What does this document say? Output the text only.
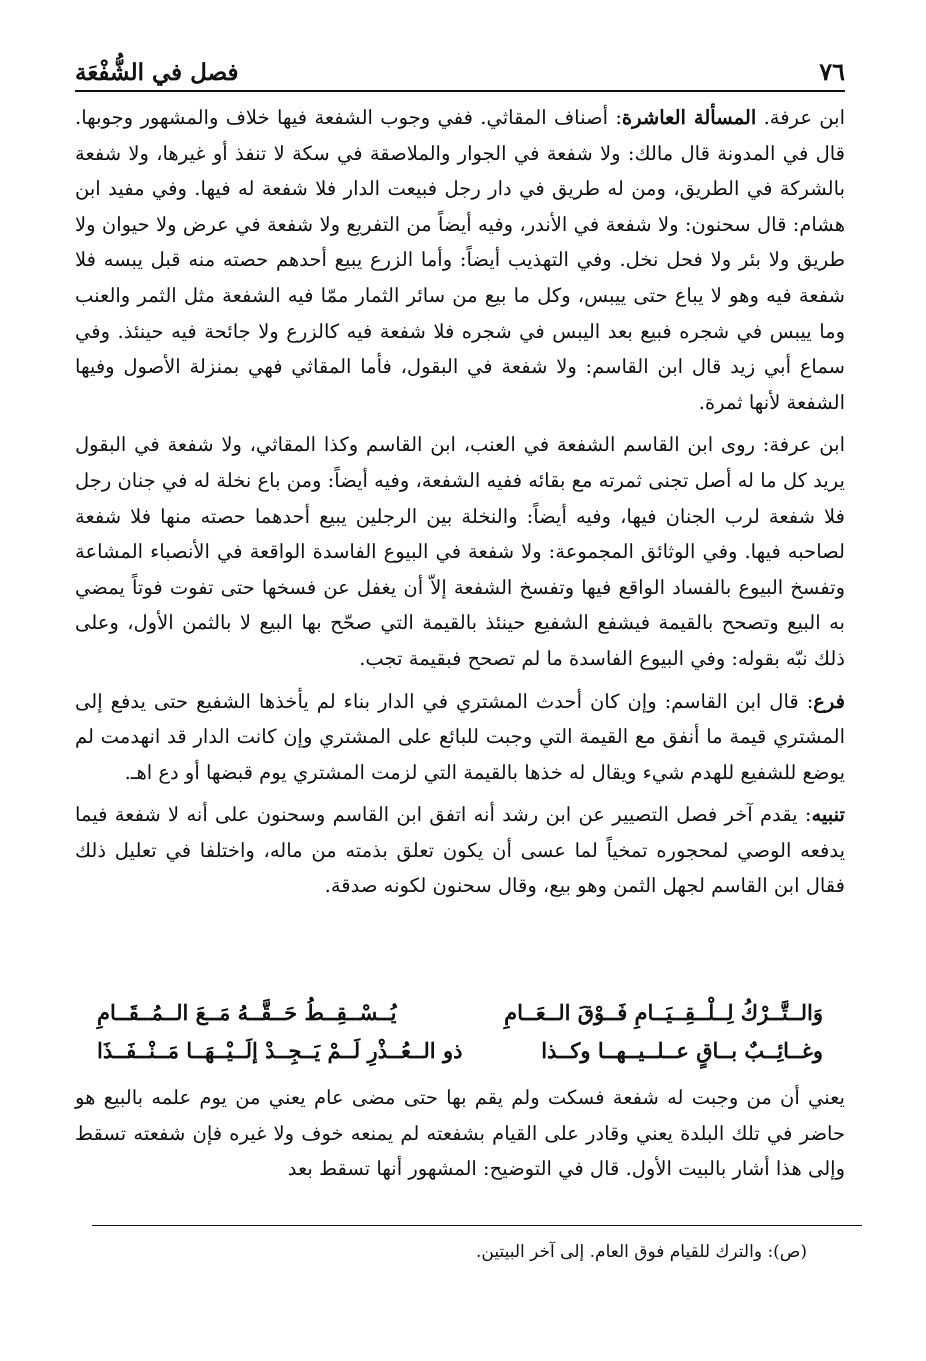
٧٦
فصل في الشُّفْعَة

ابن عرفة. المسألة العاشرة: أصناف المقاثي. ففي وجوب الشفعة فيها خلاف والمشهور وجوبها. قال في المدونة قال مالك: ولا شفعة في الجوار والملاصقة في سكة لا تنفذ أو غيرها، ولا شفعة بالشركة في الطريق، ومن له طريق في دار رجل فبيعت الدار فلا شفعة له فيها. وفي مفيد ابن هشام: قال سحنون: ولا شفعة في الأندر، وفيه أيضاً من التفريع ولا شفعة في عرض ولا حيوان ولا طريق ولا بئر ولا فحل نخل. وفي التهذيب أيضاً: وأما الزرع يبيع أحدهم حصته منه قبل يبسه فلا شفعة فيه وهو لا يباع حتى ييبس، وكل ما بيع من سائر الثمار ممّا فيه الشفعة مثل الثمر والعنب وما ييبس في شجره فبيع بعد اليبس في شجره فلا شفعة فيه كالزرع ولا جائحة فيه حينئذ. وفي سماع أبي زيد قال ابن القاسم: ولا شفعة في البقول، فأما المقاثي فهي بمنزلة الأصول وفيها الشفعة لأنها ثمرة.

ابن عرفة: روى ابن القاسم الشفعة في العنب، ابن القاسم وكذا المقاثي، ولا شفعة في البقول يريد كل ما له أصل تجنى ثمرته مع بقائه ففيه الشفعة، وفيه أيضاً: ومن باع نخلة له في جنان رجل فلا شفعة لرب الجنان فيها، وفيه أيضاً: والنخلة بين الرجلين يبيع أحدهما حصته منها فلا شفعة لصاحبه فيها. وفي الوثائق المجموعة: ولا شفعة في البيوع الفاسدة الواقعة في الأنصباء المشاعة وتفسخ البيوع بالفساد الواقع فيها وتفسخ الشفعة إلاّ أن يغفل عن فسخها حتى تفوت فوتاً يمضي به البيع وتصحح بالقيمة فيشفع الشفيع حينئذ بالقيمة التي صحّح بها البيع لا بالثمن الأول، وعلى ذلك نبّه بقوله: وفي البيوع الفاسدة ما لم تصحح فبقيمة تجب.

فرع: قال ابن القاسم: وإن كان أحدث المشتري في الدار بناء لم يأخذها الشفيع حتى يدفع إلى المشتري قيمة ما أنفق مع القيمة التي وجبت للبائع على المشتري وإن كانت الدار قد انهدمت لم يوضع للشفيع للهدم شيء ويقال له خذها بالقيمة التي لزمت المشتري يوم قبضها أو دع اهـ.

تنبيه: يقدم آخر فصل التصيير عن ابن رشد أنه اتفق ابن القاسم وسحنون على أنه لا شفعة فيما يدفعه الوصي لمحجوره تمخياً لما عسى أن يكون تعلق بذمته من ماله، واختلفا في تعليل ذلك فقال ابن القاسم لجهل الثمن وهو بيع، وقال سحنون لكونه صدقة.

وَالــتَّــرْكُ لِــلْــقِــيَــامِ فَــوْقَ الــعَــامِ
يُــسْــقِــطُ حَــقَّــهُ مَــعَ الــمُــقَــامِ
وغــائِــبٌ بــاقٍ عــلــيــهــا وكــذا
ذو الــعُــذْرِ لَــمْ يَــجِــدْ إلَــيْــهَــا مَــنْــفَــذَا

يعني أن من وجبت له شفعة فسكت ولم يقم بها حتى مضى عام يعني من يوم علمه بالبيع هو حاضر في تلك البلدة يعني وقادر على القيام بشفعته لم يمنعه خوف ولا غيره فإن شفعته تسقط وإلى هذا أشار بالبيت الأول. قال في التوضيح: المشهور أنها تسقط بعد

(ص): والترك للقيام فوق العام. إلى آخر البيتين.
